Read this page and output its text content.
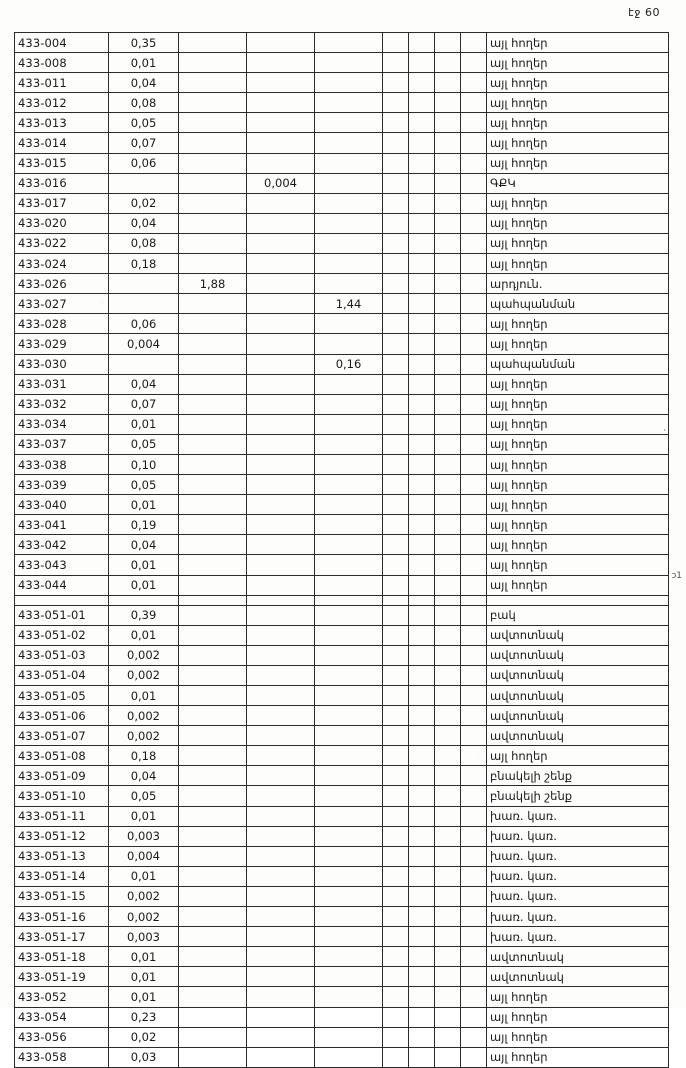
էջ 60
ɔ1
·
433-004	0,35								այլ հողեր
433-008	0,01								այլ հողեր
433-011	0,04								այլ հողեր
433-012	0,08								այլ հողեր
433-013	0,05								այլ հողեր
433-014	0,07								այլ հողեր
433-015	0,06								այլ հողեր
433-016			0,004						ԳՔԿ
433-017	0,02								այլ հողեր
433-020	0,04								այլ հողեր
433-022	0,08								այլ հողեր
433-024	0,18								այլ հողեր
433-026		1,88							արդյուն.
433-027				1,44					պահպանման
433-028	0,06								այլ հողեր
433-029	0,004								այլ հողեր
433-030				0,16					պահպանման
433-031	0,04								այլ հողեր
433-032	0,07								այլ հողեր
433-034	0,01								այլ հողեր
433-037	0,05								այլ հողեր
433-038	0,10								այլ հողեր
433-039	0,05								այլ հողեր
433-040	0,01								այլ հողեր
433-041	0,19								այլ հողեր
433-042	0,04								այլ հողեր
433-043	0,01								այլ հողեր
433-044	0,01								այլ հողեր

433-051-01	0,39								բակ
433-051-02	0,01								ավտոտնակ
433-051-03	0,002								ավտոտնակ
433-051-04	0,002								ավտոտնակ
433-051-05	0,01								ավտոտնակ
433-051-06	0,002								ավտոտնակ
433-051-07	0,002								ավտոտնակ
433-051-08	0,18								այլ հողեր
433-051-09	0,04								բնակելի շենք
433-051-10	0,05								բնակելի շենք
433-051-11	0,01								խառ. կառ.
433-051-12	0,003								խառ. կառ.
433-051-13	0,004								խառ. կառ.
433-051-14	0,01								խառ. կառ.
433-051-15	0,002								խառ. կառ.
433-051-16	0,002								խառ. կառ.
433-051-17	0,003								խառ. կառ.
433-051-18	0,01								ավտոտնակ
433-051-19	0,01								ավտոտնակ
433-052	0,01								այլ հողեր
433-054	0,23								այլ հողեր
433-056	0,02								այլ հողեր
433-058	0,03								այլ հողեր
